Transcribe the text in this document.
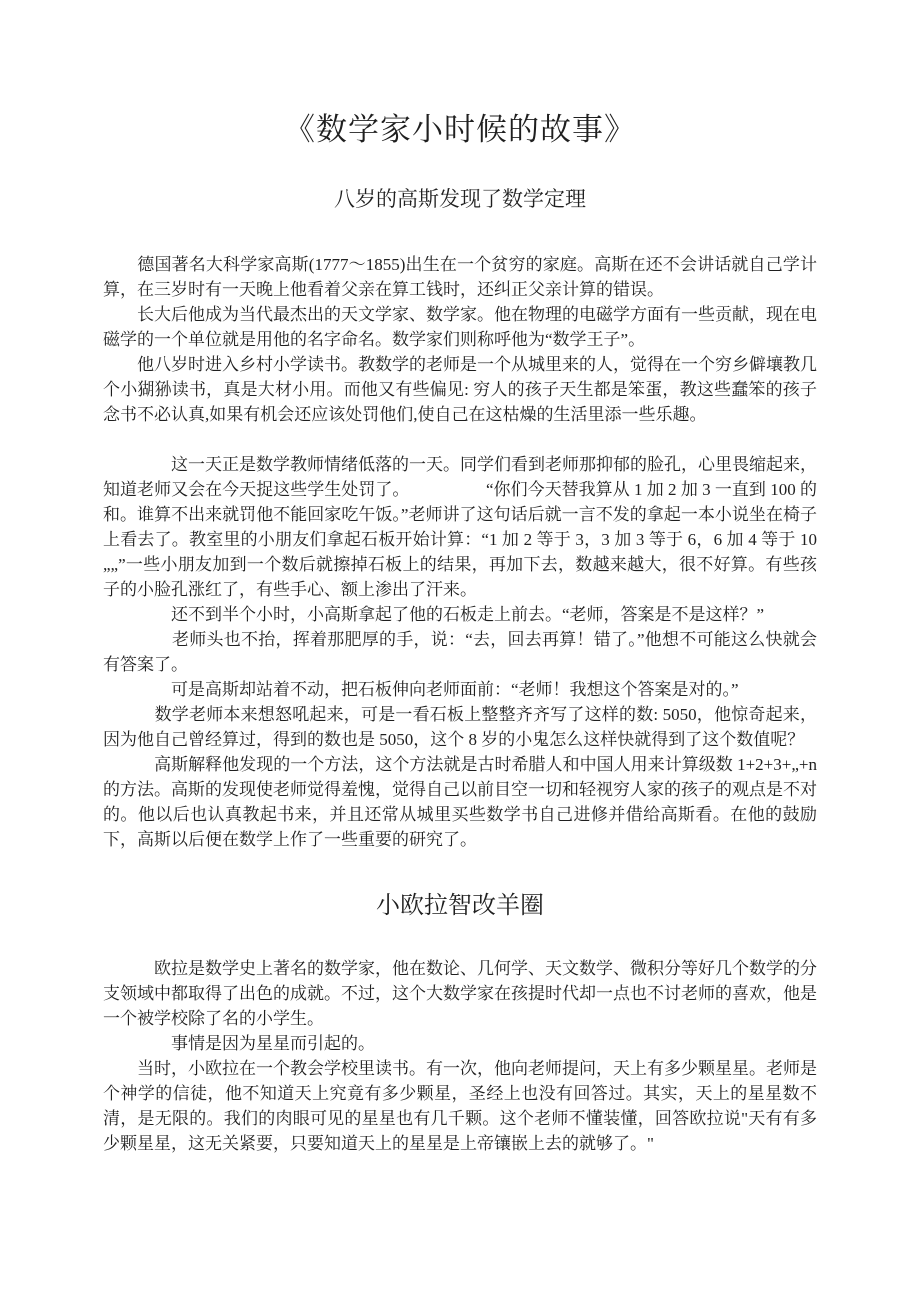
《数学家小时候的故事》
八岁的高斯发现了数学定理

　　德国著名大科学家高斯(1777～1855)出生在一个贫穷的家庭。高斯在还不会讲话就自己学计算，在三岁时有一天晚上他看着父亲在算工钱时，还纠正父亲计算的错误。

　　长大后他成为当代最杰出的天文学家、数学家。他在物理的电磁学方面有一些贡献，现在电磁学的一个单位就是用他的名字命名。数学家们则称呼他为“数学王子”。

　　他八岁时进入乡村小学读书。教数学的老师是一个从城里来的人，觉得在一个穷乡僻壤教几个小猢狲读书，真是大材小用。而他又有些偏见: 穷人的孩子天生都是笨蛋，教这些蠢笨的孩子念书不必认真,如果有机会还应该处罚他们,使自己在这枯燥的生活里添一些乐趣。

　　　　这一天正是数学教师情绪低落的一天。同学们看到老师那抑郁的脸孔，心里畏缩起来，知道老师又会在今天捉这些学生处罚了。　　　　　“你们今天替我算从 1 加 2 加 3 一直到 100 的和。谁算不出来就罚他不能回家吃午饭。”老师讲了这句话后就一言不发的拿起一本小说坐在椅子上看去了。教室里的小朋友们拿起石板开始计算：“1 加 2 等于 3，3 加 3 等于 6，6 加 4 等于 10„„”一些小朋友加到一个数后就擦掉石板上的结果，再加下去，数越来越大，很不好算。有些孩子的小脸孔涨红了，有些手心、额上渗出了汗来。

　　　　还不到半个小时，小高斯拿起了他的石板走上前去。“老师，答案是不是这样？”

　　　　老师头也不抬，挥着那肥厚的手，说：“去，回去再算！错了。”他想不可能这么快就会有答案了。

　　　　可是高斯却站着不动，把石板伸向老师面前：“老师！我想这个答案是对的。”

　　　数学老师本来想怒吼起来，可是一看石板上整整齐齐写了这样的数: 5050，他惊奇起来，因为他自己曾经算过，得到的数也是 5050，这个 8 岁的小鬼怎么这样快就得到了这个数值呢？

　　　高斯解释他发现的一个方法，这个方法就是古时希腊人和中国人用来计算级数 1+2+3+„+n 的方法。高斯的发现使老师觉得羞愧，觉得自己以前目空一切和轻视穷人家的孩子的观点是不对的。他以后也认真教起书来，并且还常从城里买些数学书自己进修并借给高斯看。在他的鼓励下，高斯以后便在数学上作了一些重要的研究了。

小欧拉智改羊圈

　　　欧拉是数学史上著名的数学家，他在数论、几何学、天文数学、微积分等好几个数学的分支领域中都取得了出色的成就。不过，这个大数学家在孩提时代却一点也不讨老师的喜欢，他是一个被学校除了名的小学生。

　　　　事情是因为星星而引起的。

　　当时，小欧拉在一个教会学校里读书。有一次，他向老师提问，天上有多少颗星星。老师是个神学的信徒，他不知道天上究竟有多少颗星，圣经上也没有回答过。其实，天上的星星数不清，是无限的。我们的肉眼可见的星星也有几千颗。这个老师不懂装懂，回答欧拉说"天有有多少颗星星，这无关紧要，只要知道天上的星星是上帝镶嵌上去的就够了。"
